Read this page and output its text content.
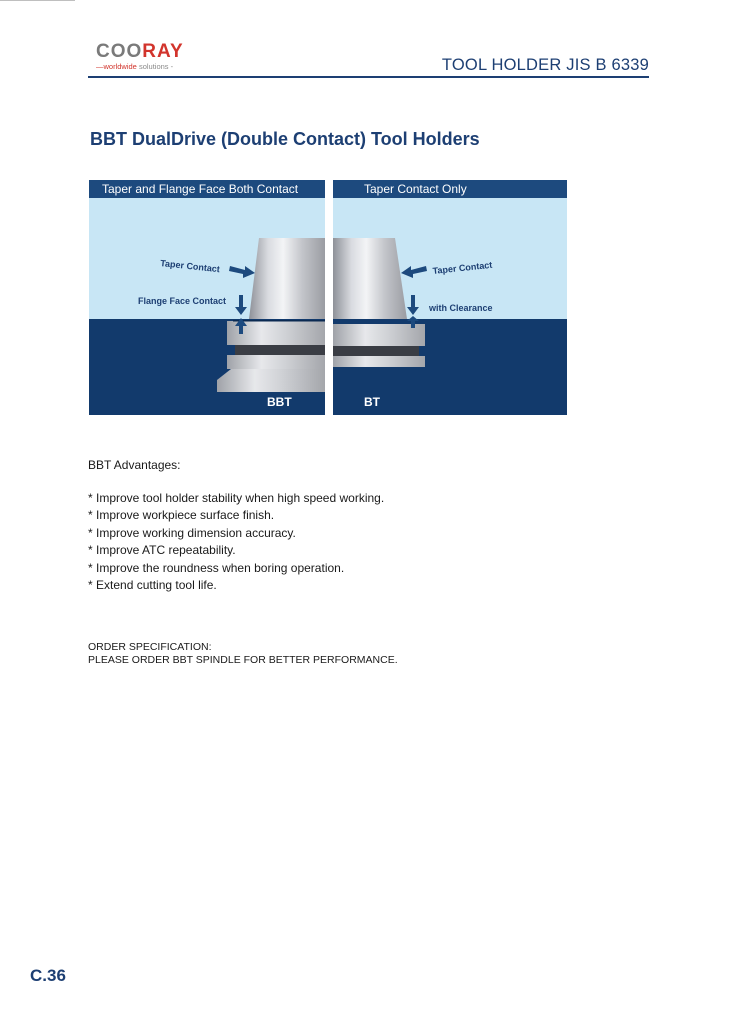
COORAY
—worldwide solutions -	TOOL HOLDER JIS B 6339
BBT DualDrive (Double Contact) Tool Holders
Taper and Flange Face Both Contact	Taper Contact Only
Taper Contact
Flange Face Contact
Taper Contact
with Clearance
BBT	BT
BBT Advantages:
* Improve tool holder stability when high speed working.
* Improve workpiece surface finish.
* Improve working dimension accuracy.
* Improve ATC repeatability.
* Improve the roundness when boring operation.
* Extend cutting tool life.
ORDER SPECIFICATION:
PLEASE ORDER BBT SPINDLE FOR BETTER PERFORMANCE.
C.36
